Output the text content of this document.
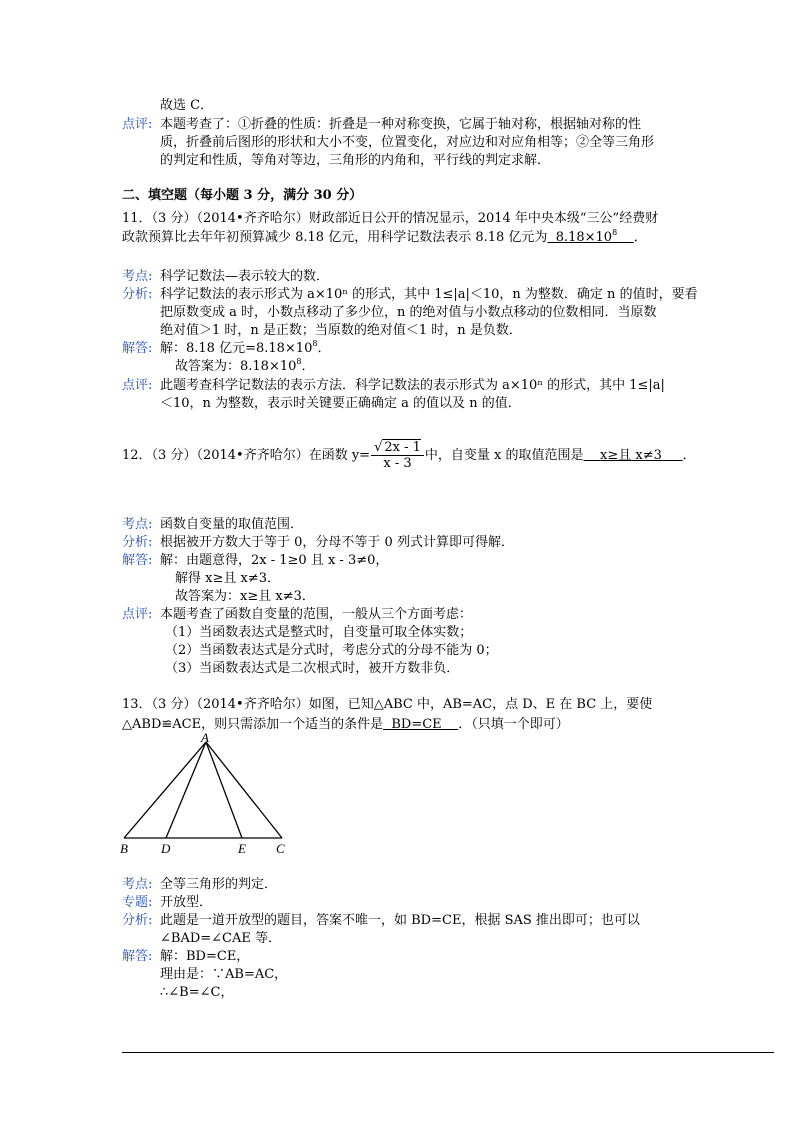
故选 C．
点评: 本题考查了：①折叠的性质：折叠是一种对称变换，它属于轴对称，根据轴对称的性
质，折叠前后图形的形状和大小不变，位置变化，对应边和对应角相等；②全等三角形
的判定和性质，等角对等边，三角形的内角和，平行线的判定求解．
二、填空题（每小题 3 分，满分 30 分）
11．（3 分）（2014•齐齐哈尔）财政部近日公开的情况显示，2014 年中央本级“三公”经费财
政款预算比去年年初预算减少 8.18 亿元，用科学记数法表示 8.18 亿元为 $8.18\times 10^8$ ．
考点: 科学记数法—表示较大的数．
分析: 科学记数法的表示形式为 a×10ⁿ 的形式，其中 1≤|a|＜10，n 为整数．确定 n 的值时，要看
把原数变成 a 时，小数点移动了多少位，n 的绝对值与小数点移动的位数相同．当原数
绝对值＞1 时，n 是正数；当原数的绝对值＜1 时，n 是负数．
解答: 解：8.18 亿元$=8.18\times 10^8$．
故答案为：$8.18\times 10^8$．
点评: 此题考查科学记数法的表示方法．科学记数法的表示形式为 a×10ⁿ 的形式，其中 1≤|a|
＜10，n 为整数，表示时关键要正确确定 a 的值以及 n 的值．
12．（3 分）（2014•齐齐哈尔）在函数 $y= \frac{√ 2x - 1}{x - 3}$ 中，自变量 x 的取值范围是 x≥且 x≠3 ．
考点: 函数自变量的取值范围．
分析: 根据被开方数大于等于 0，分母不等于 0 列式计算即可得解．
解答: 解：由题意得，2x - 1≥0 且 x - 3≠0，
解得 x≥且 x≠3．
故答案为：x≥且 x≠3．
点评: 本题考查了函数自变量的范围，一般从三个方面考虑：
（1）当函数表达式是整式时，自变量可取全体实数；
（2）当函数表达式是分式时，考虑分式的分母不能为 0；
（3）当函数表达式是二次根式时，被开方数非负．
13．（3 分）（2014•齐齐哈尔）如图，已知△ABC 中，AB=AC，点 D、E 在 BC 上，要使
△ABD≌ACE，则只需添加一个适当的条件是 BD=CE ．（只填一个即可）
A
B	D	E C
考点: 全等三角形的判定．
专题: 开放型．
分析: 此题是一道开放型的题目，答案不唯一，如 BD=CE，根据 SAS 推出即可；也可以
∠BAD=∠CAE 等．
解答: 解：BD=CE，
理由是：∵AB=AC，
∴∠B=∠C，
